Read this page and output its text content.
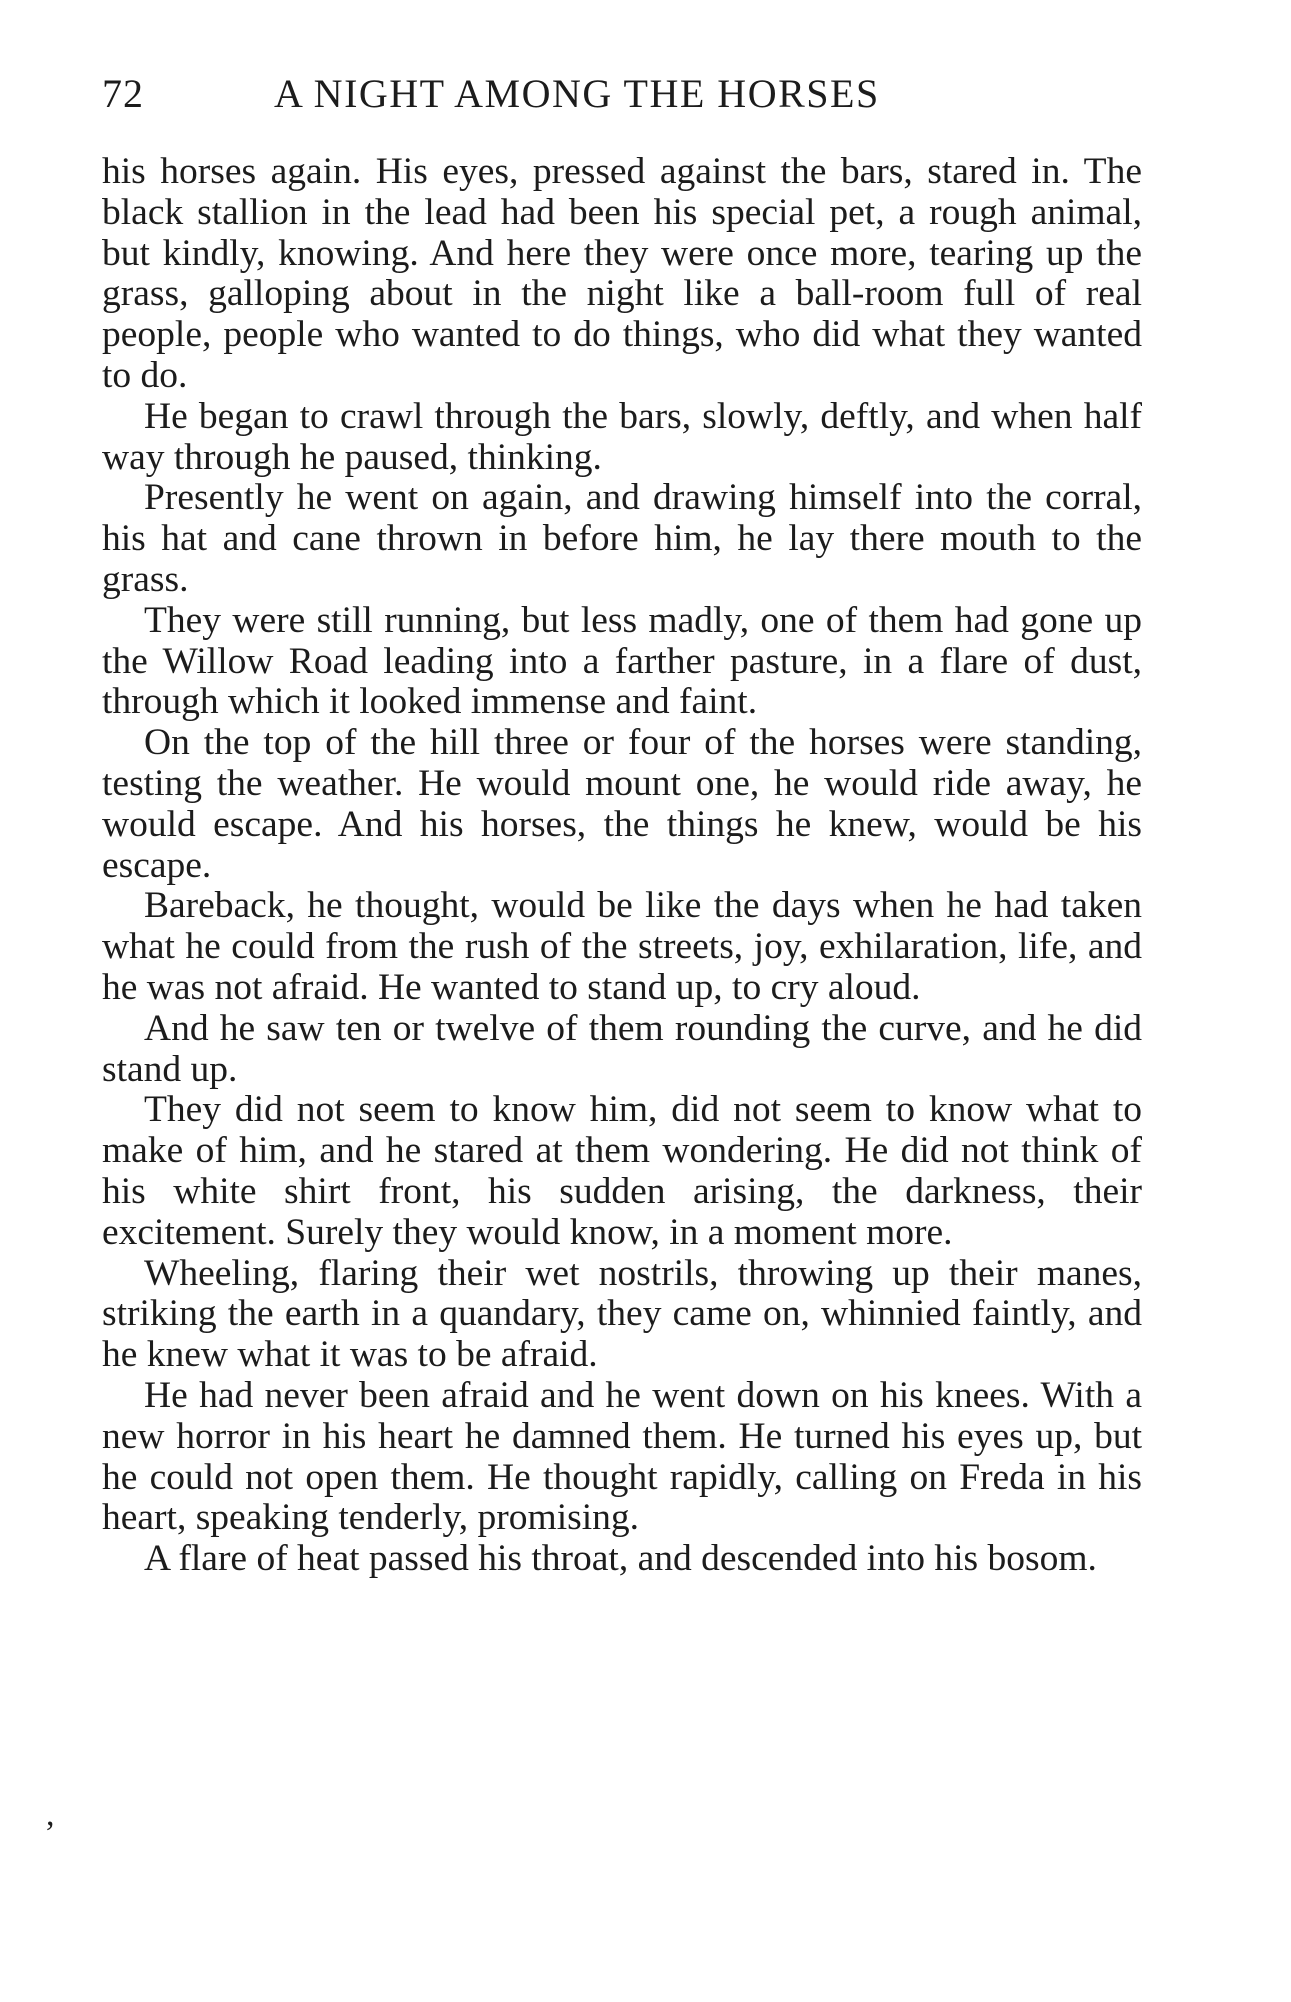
72	A NIGHT AMONG THE HORSES

his horses again. His eyes, pressed against the bars, stared in. The black stallion in the lead had been his special pet, a rough animal, but kindly, knowing. And here they were once more, tearing up the grass, galloping about in the night like a ball-room full of real people, people who wanted to do things, who did what they wanted to do.

He began to crawl through the bars, slowly, deftly, and when half way through he paused, thinking.

Presently he went on again, and drawing himself into the corral, his hat and cane thrown in before him, he lay there mouth to the grass.

They were still running, but less madly, one of them had gone up the Willow Road leading into a farther pasture, in a flare of dust, through which it looked immense and faint.

On the top of the hill three or four of the horses were standing, testing the weather. He would mount one, he would ride away, he would escape. And his horses, the things he knew, would be his escape.

Bareback, he thought, would be like the days when he had taken what he could from the rush of the streets, joy, exhilaration, life, and he was not afraid. He wanted to stand up, to cry aloud.

And he saw ten or twelve of them rounding the curve, and he did stand up.

They did not seem to know him, did not seem to know what to make of him, and he stared at them wondering. He did not think of his white shirt front, his sudden arising, the darkness, their excitement. Surely they would know, in a moment more.

Wheeling, flaring their wet nostrils, throwing up their manes, striking the earth in a quandary, they came on, whinnied faintly, and he knew what it was to be afraid.

He had never been afraid and he went down on his knees. With a new horror in his heart he damned them. He turned his eyes up, but he could not open them. He thought rapidly, calling on Freda in his heart, speaking tenderly, promising.

A flare of heat passed his throat, and descended into his bosom.

,
